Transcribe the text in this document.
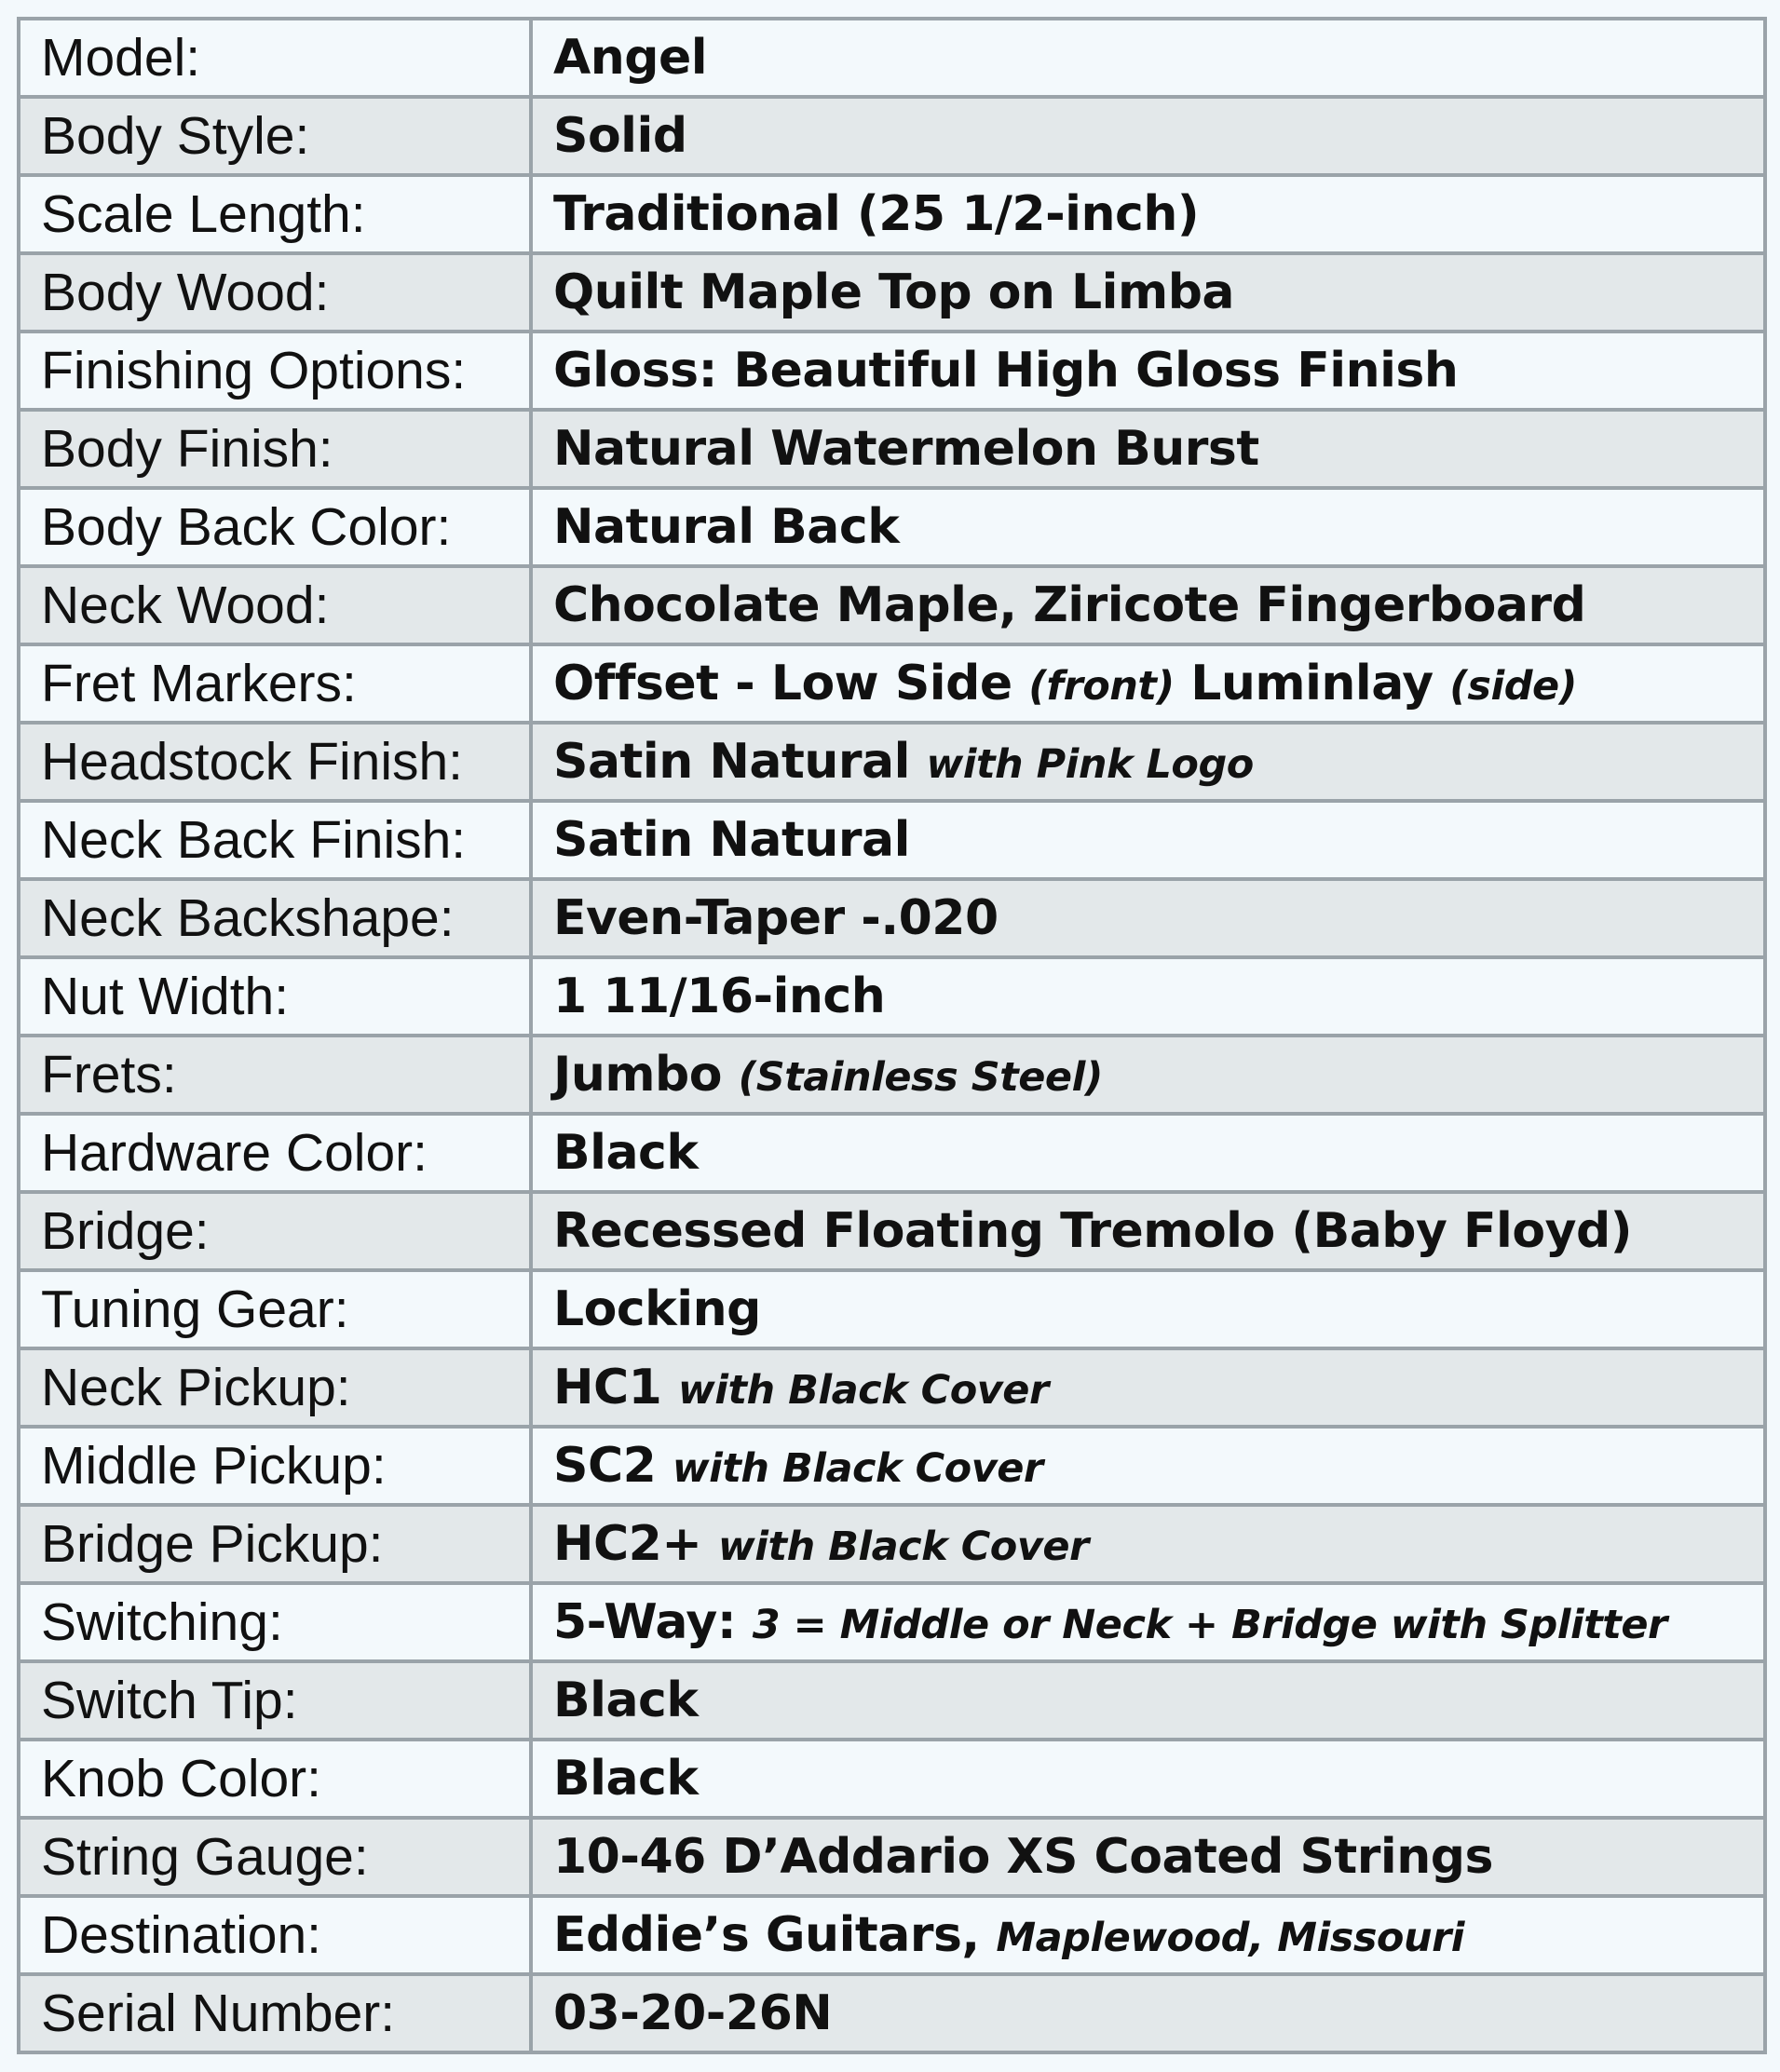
Model:	Angel
Body Style:	Solid
Scale Length:	Traditional (25 1/2-inch)
Body Wood:	Quilt Maple Top on Limba
Finishing Options:	Gloss: Beautiful High Gloss Finish
Body Finish:	Natural Watermelon Burst
Body Back Color:	Natural Back
Neck Wood:	Chocolate Maple, Ziricote Fingerboard
Fret Markers:	Offset - Low Side (front) Luminlay (side)
Headstock Finish:	Satin Natural with Pink Logo
Neck Back Finish:	Satin Natural
Neck Backshape:	Even-Taper -.020
Nut Width:	1 11/16-inch
Frets:	Jumbo (Stainless Steel)
Hardware Color:	Black
Bridge:	Recessed Floating Tremolo (Baby Floyd)
Tuning Gear:	Locking
Neck Pickup:	HC1 with Black Cover
Middle Pickup:	SC2 with Black Cover
Bridge Pickup:	HC2+ with Black Cover
Switching:	5-Way: 3 = Middle or Neck + Bridge with Splitter
Switch Tip:	Black
Knob Color:	Black
String Gauge:	10-46 D’Addario XS Coated Strings
Destination:	Eddie’s Guitars, Maplewood, Missouri
Serial Number:	03-20-26N
